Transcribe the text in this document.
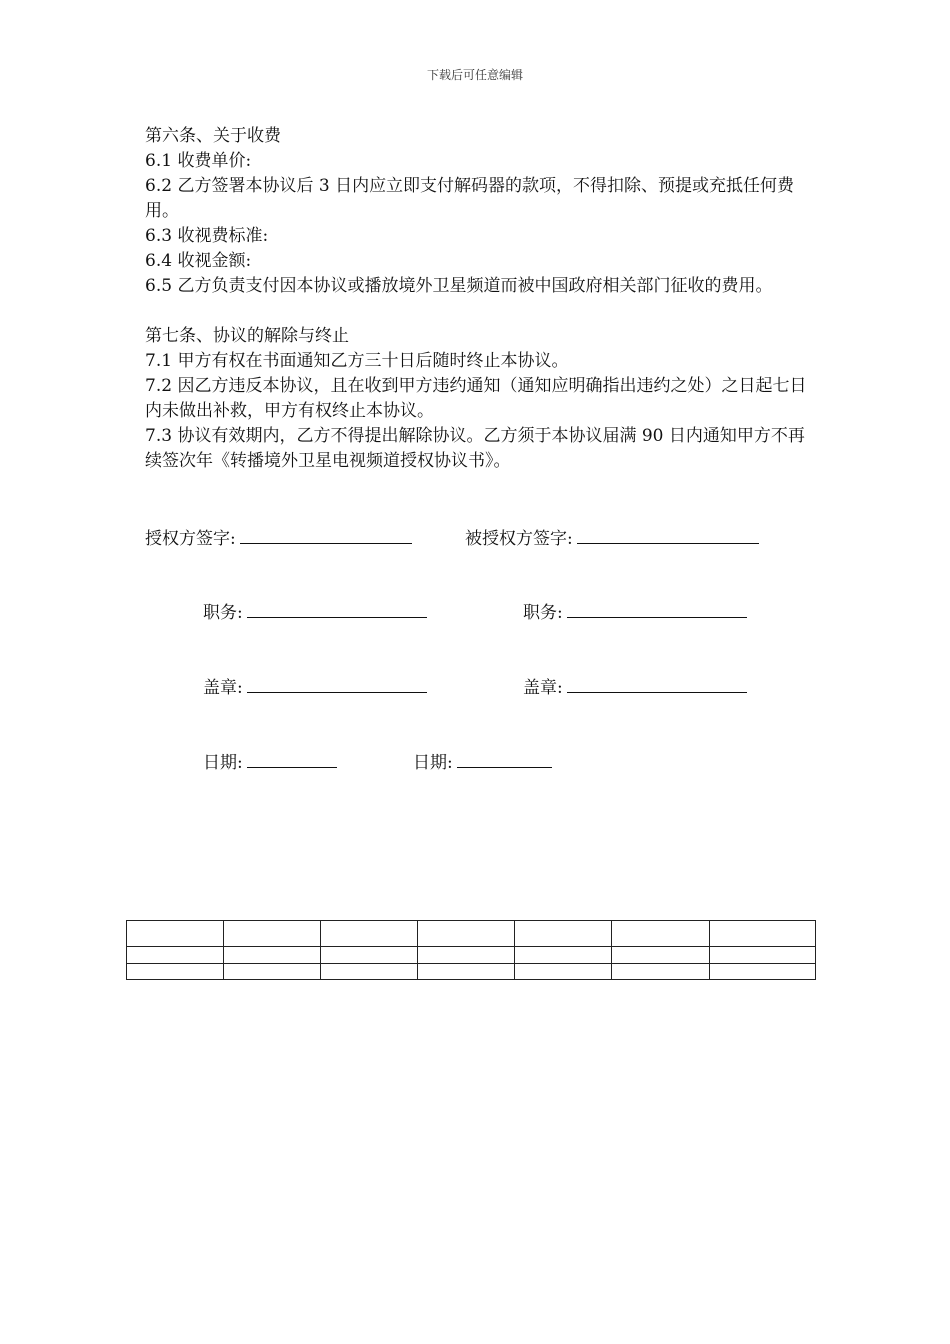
下载后可任意编辑
第六条、关于收费
6.1 收费单价:
6.2 乙方签署本协议后 3 日内应立即支付解码器的款项，不得扣除、预提或充抵任何费用。
6.3 收视费标准:
6.4 收视金额:
6.5 乙方负责支付因本协议或播放境外卫星频道而被中国政府相关部门征收的费用。
第七条、协议的解除与终止
7.1 甲方有权在书面通知乙方三十日后随时终止本协议。
7.2 因乙方违反本协议，且在收到甲方违约通知（通知应明确指出违约之处）之日起七日内未做出补救，甲方有权终止本协议。
7.3 协议有效期内，乙方不得提出解除协议。乙方须于本协议届满 90 日内通知甲方不再续签次年《转播境外卫星电视频道授权协议书》。
授权方签字:	被授权方签字:
职务:	职务:
盖章:	盖章:
日期:	日期:
